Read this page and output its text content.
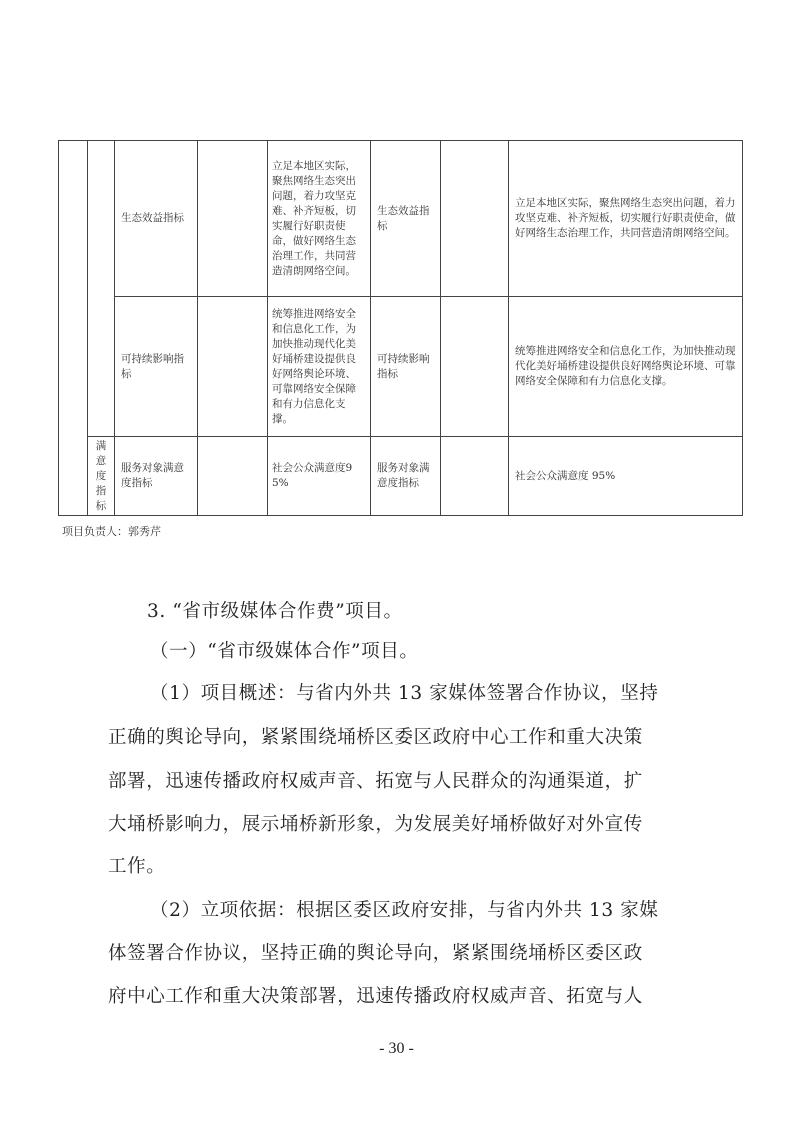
		生态效益指标		立足本地区实际，聚焦网络生态突出问题，着力攻坚克难、补齐短板，切实履行好职责使命，做好网络生态治理工作，共同营造清朗网络空间。	生态效益指标		立足本地区实际，聚焦网络生态突出问题，着力攻坚克难、补齐短板，切实履行好职责使命，做好网络生态治理工作，共同营造清朗网络空间。
		可持续影响指标		统筹推进网络安全和信息化工作，为加快推动现代化美好埇桥建设提供良好网络舆论环境、可靠网络安全保障和有力信息化支撑。	可持续影响指标		统筹推进网络安全和信息化工作，为加快推动现代化美好埇桥建设提供良好网络舆论环境、可靠网络安全保障和有力信息化支撑。
	满意度指标	服务对象满意度指标		社会公众满意度95%	服务对象满意度指标		社会公众满意度 95%
项目负责人：郭秀芹
3. “省市级媒体合作费”项目。
（一）“省市级媒体合作”项目。
（1）项目概述：与省内外共 13 家媒体签署合作协议，坚持
正确的舆论导向，紧紧围绕埇桥区委区政府中心工作和重大决策
部署，迅速传播政府权威声音、拓宽与人民群众的沟通渠道，扩
大埇桥影响力，展示埇桥新形象，为发展美好埇桥做好对外宣传
工作。
（2）立项依据：根据区委区政府安排，与省内外共 13 家媒
体签署合作协议，坚持正确的舆论导向，紧紧围绕埇桥区委区政
府中心工作和重大决策部署，迅速传播政府权威声音、拓宽与人
- 30 -
